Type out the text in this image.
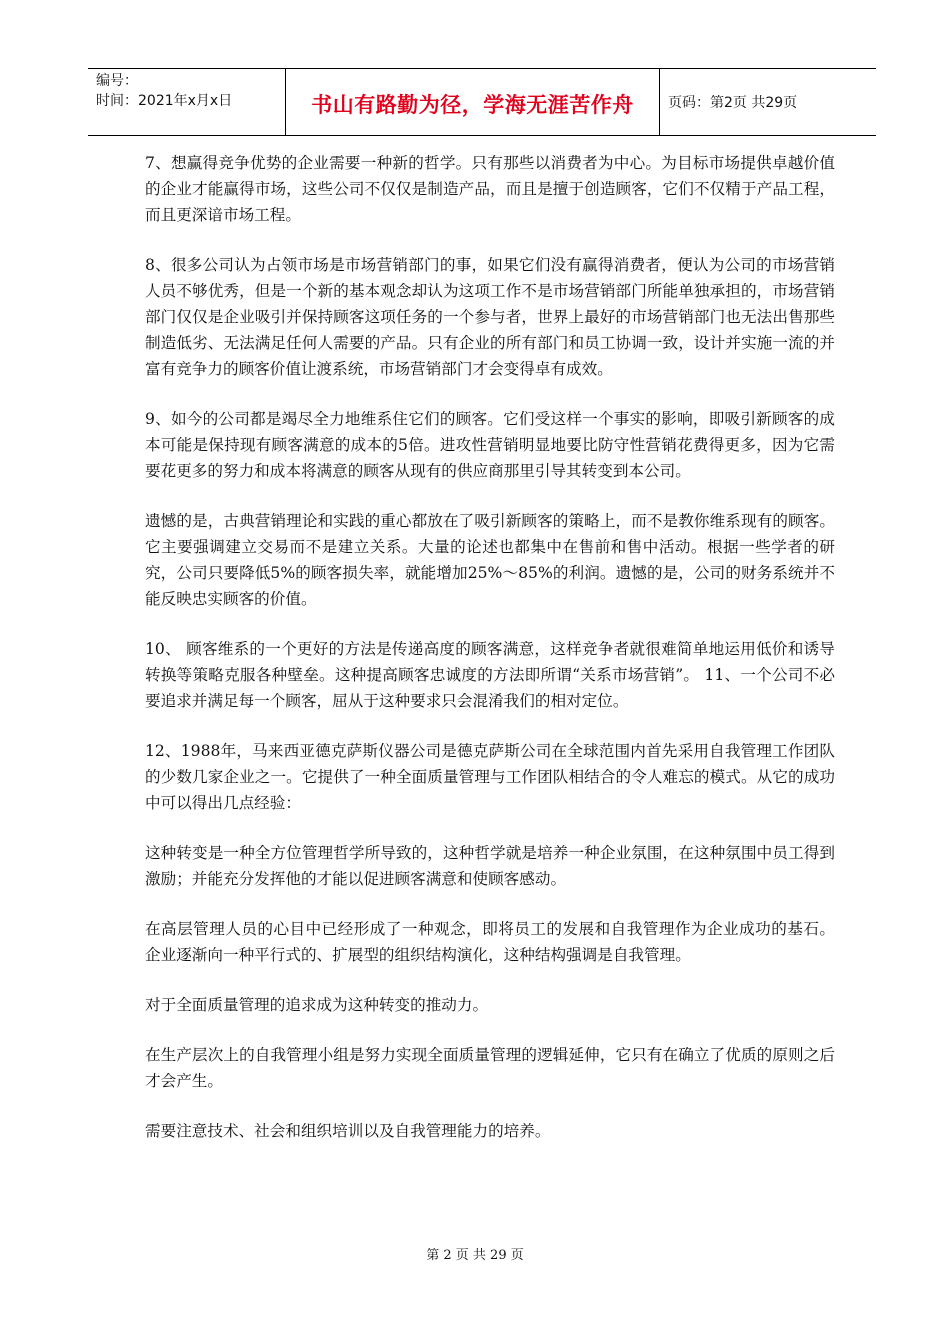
编号：
时间：2021年x月x日	书山有路勤为径，学海无涯苦作舟 页码：第2页 共29页

7、想赢得竞争优势的企业需要一种新的哲学。只有那些以消费者为中心。为目标市场提供卓越价值的企业才能赢得市场，这些公司不仅仅是制造产品，而且是擅于创造顾客，它们不仅精于产品工程，而且更深谙市场工程。

8、很多公司认为占领市场是市场营销部门的事，如果它们没有赢得消费者，便认为公司的市场营销人员不够优秀，但是一个新的基本观念却认为这项工作不是市场营销部门所能单独承担的，市场营销部门仅仅是企业吸引并保持顾客这项任务的一个参与者，世界上最好的市场营销部门也无法出售那些制造低劣、无法满足任何人需要的产品。只有企业的所有部门和员工协调一致，设计并实施一流的并富有竞争力的顾客价值让渡系统，市场营销部门才会变得卓有成效。

9、如今的公司都是竭尽全力地维系住它们的顾客。它们受这样一个事实的影响，即吸引新顾客的成本可能是保持现有顾客满意的成本的5倍。进攻性营销明显地要比防守性营销花费得更多，因为它需要花更多的努力和成本将满意的顾客从现有的供应商那里引导其转变到本公司。

遗憾的是，古典营销理论和实践的重心都放在了吸引新顾客的策略上，而不是教你维系现有的顾客。它主要强调建立交易而不是建立关系。大量的论述也都集中在售前和售中活动。根据一些学者的研究，公司只要降低5%的顾客损失率，就能增加25%～85%的利润。遗憾的是，公司的财务系统并不能反映忠实顾客的价值。

10、 顾客维系的一个更好的方法是传递高度的顾客满意，这样竞争者就很难简单地运用低价和诱导转换等策略克服各种壁垒。这种提高顾客忠诚度的方法即所谓“关系市场营销”。 11、一个公司不必要追求并满足每一个顾客，屈从于这种要求只会混淆我们的相对定位。

12、1988年，马来西亚德克萨斯仪器公司是德克萨斯公司在全球范围内首先采用自我管理工作团队的少数几家企业之一。它提供了一种全面质量管理与工作团队相结合的令人难忘的模式。从它的成功中可以得出几点经验：

这种转变是一种全方位管理哲学所导致的，这种哲学就是培养一种企业氛围，在这种氛围中员工得到激励；并能充分发挥他的才能以促进顾客满意和使顾客感动。

在高层管理人员的心目中已经形成了一种观念，即将员工的发展和自我管理作为企业成功的基石。 企业逐渐向一种平行式的、扩展型的组织结构演化，这种结构强调是自我管理。

对于全面质量管理的追求成为这种转变的推动力。

在生产层次上的自我管理小组是努力实现全面质量管理的逻辑延伸，它只有在确立了优质的原则之后才会产生。

需要注意技术、社会和组织培训以及自我管理能力的培养。

第 2 页 共 29 页
